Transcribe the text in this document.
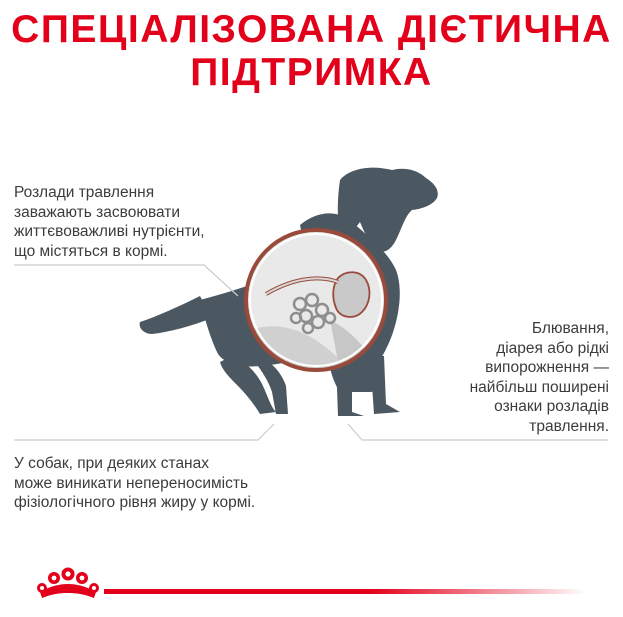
СПЕЦІАЛІЗОВАНА ДІЄТИЧНА
ПІДТРИМКА
Розлади травлення
заважають засвоювати
життєвоважливі нутрієнти,
що містяться в кормі.
У собак, при деяких станах
може виникати непереносимість
фізіологічного рівня жиру у кормі.
Блювання,
діарея або рідкі
випорожнення —
найбільш поширені
ознаки розладів
травлення.
